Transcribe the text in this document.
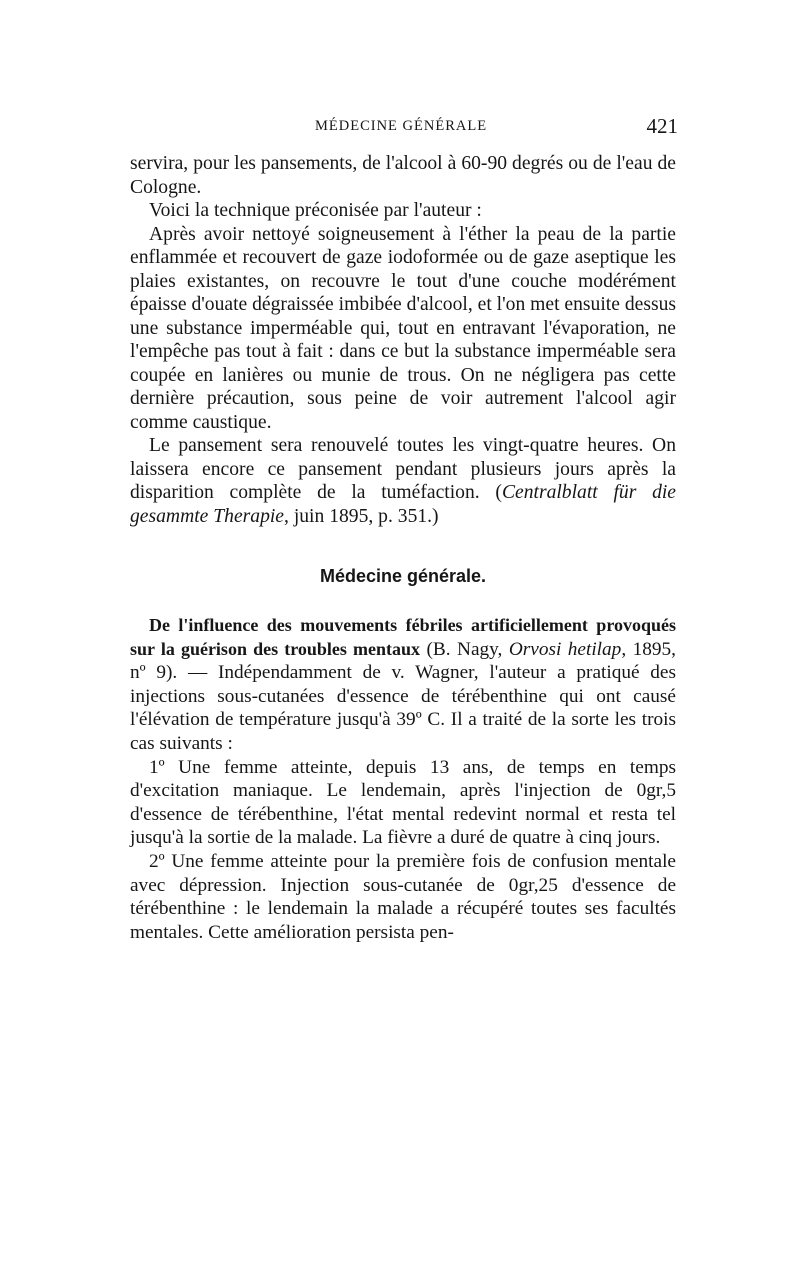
MÉDECINE GÉNÉRALE	421

servira, pour les pansements, de l'alcool à 60-90 degrés ou de l'eau de Cologne.

Voici la technique préconisée par l'auteur :

Après avoir nettoyé soigneusement à l'éther la peau de la partie enflammée et recouvert de gaze iodoformée ou de gaze aseptique les plaies existantes, on recouvre le tout d'une couche modérément épaisse d'ouate dégraissée imbibée d'alcool, et l'on met ensuite dessus une substance imperméable qui, tout en entravant l'évaporation, ne l'empêche pas tout à fait : dans ce but la substance imperméable sera coupée en lanières ou munie de trous. On ne négligera pas cette dernière précaution, sous peine de voir autrement l'alcool agir comme caustique.

Le pansement sera renouvelé toutes les vingt-quatre heures. On laissera encore ce pansement pendant plusieurs jours après la disparition complète de la tuméfaction. (Centralblatt für die gesammte Therapie, juin 1895, p. 351.)

Médecine générale.

De l'influence des mouvements fébriles artificiellement provoqués sur la guérison des troubles mentaux (B. Nagy, Orvosi hetilap, 1895, nº 9). — Indépendamment de v. Wagner, l'auteur a pratiqué des injections sous-cutanées d'essence de térébenthine qui ont causé l'élévation de température jusqu'à 39º C. Il a traité de la sorte les trois cas suivants :

1º Une femme atteinte, depuis 13 ans, de temps en temps d'excitation maniaque. Le lendemain, après l'injection de 0gr,5 d'essence de térébenthine, l'état mental redevint normal et resta tel jusqu'à la sortie de la malade. La fièvre a duré de quatre à cinq jours.

2º Une femme atteinte pour la première fois de confusion mentale avec dépression. Injection sous-cutanée de 0gr,25 d'essence de térébenthine : le lendemain la malade a récupéré toutes ses facultés mentales. Cette amélioration persista pen-
